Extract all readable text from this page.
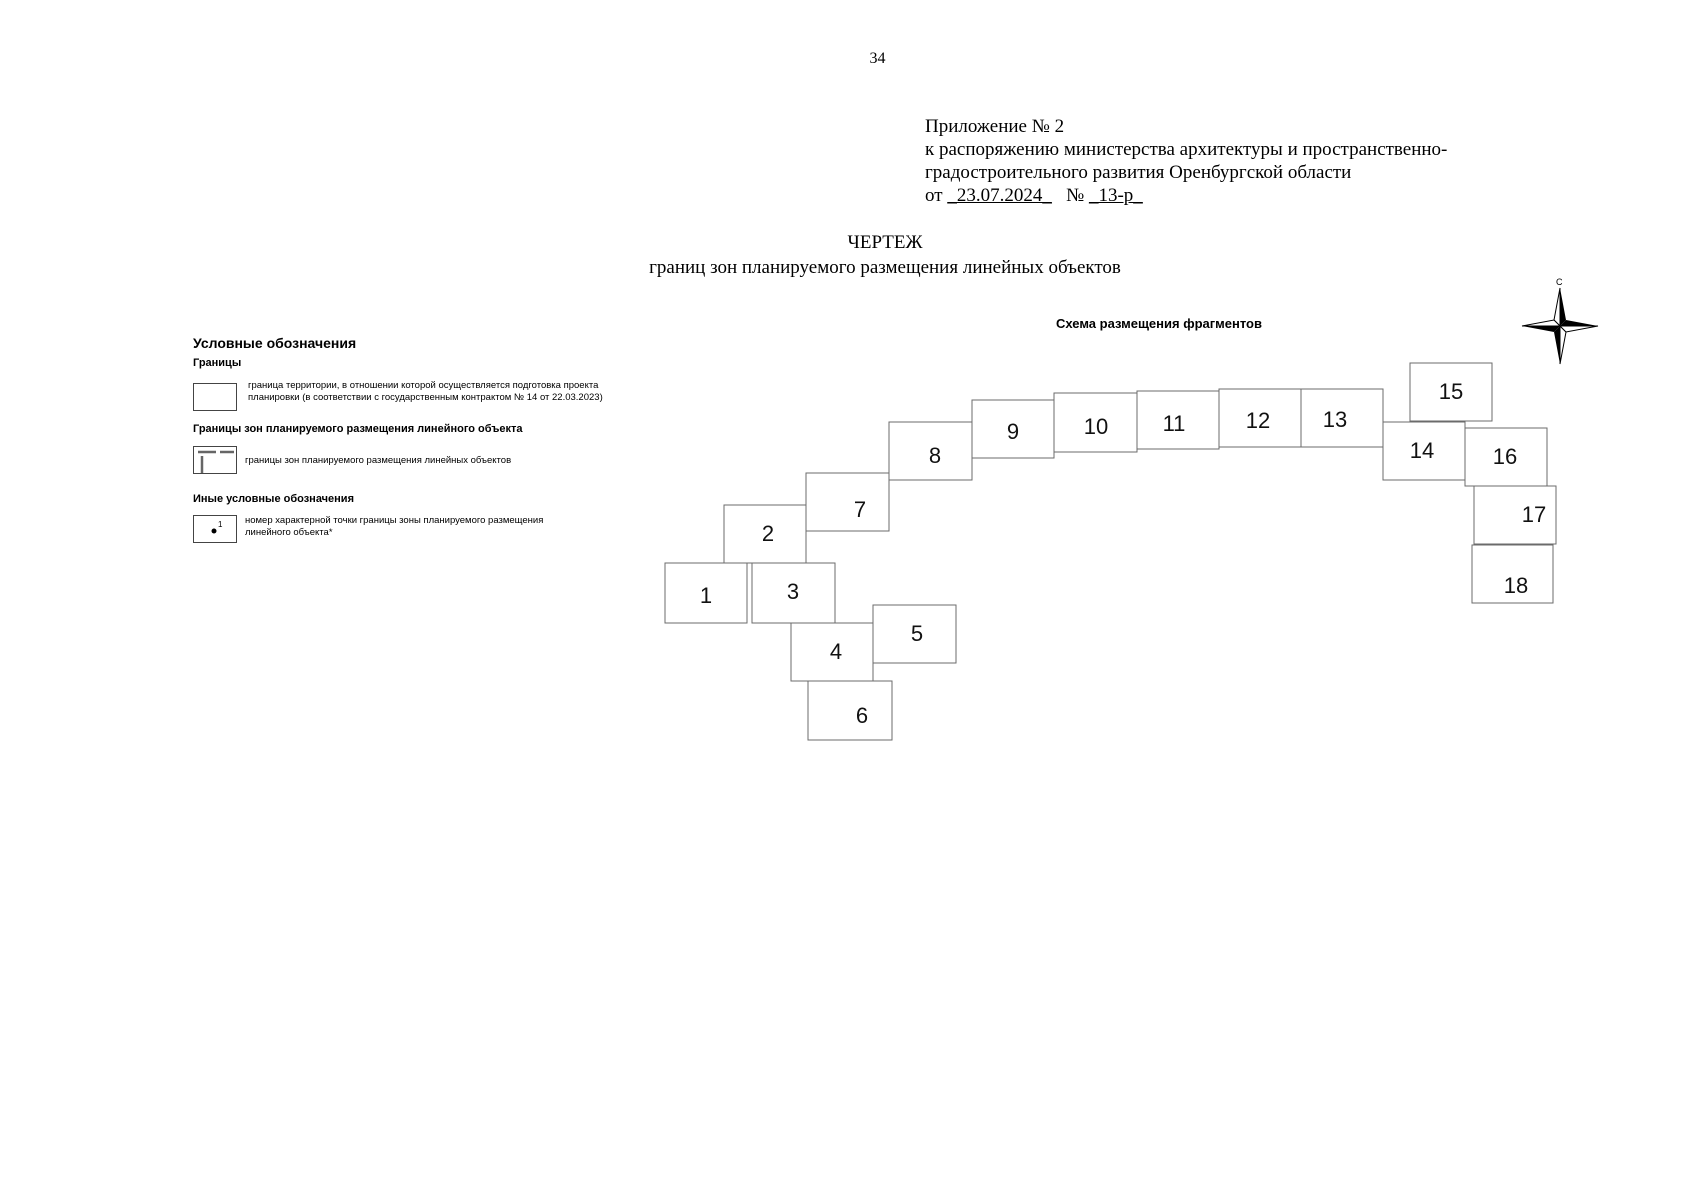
34
Приложение № 2
к распоряжению министерства архитектуры и пространственно-
градостроительного развития Оренбургской области
от _23.07.2024_ № _13-р_
ЧЕРТЕЖ
границ зон планируемого размещения линейных объектов
Условные обозначения
Границы
граница территории, в отношении которой осуществляется подготовка проекта планировки (в соответствии с государственным контрактом № 14 от 22.03.2023)
Границы зон планируемого размещения линейного объекта
границы зон планируемого размещения линейных объектов
Иные условные обозначения
1 номер характерной точки границы зоны планируемого размещения линейного объекта*
Схема размещения фрагментов
С
1
2
3
4
5
6
7
8
9	10 11	12 13
14
15
16
17
18
